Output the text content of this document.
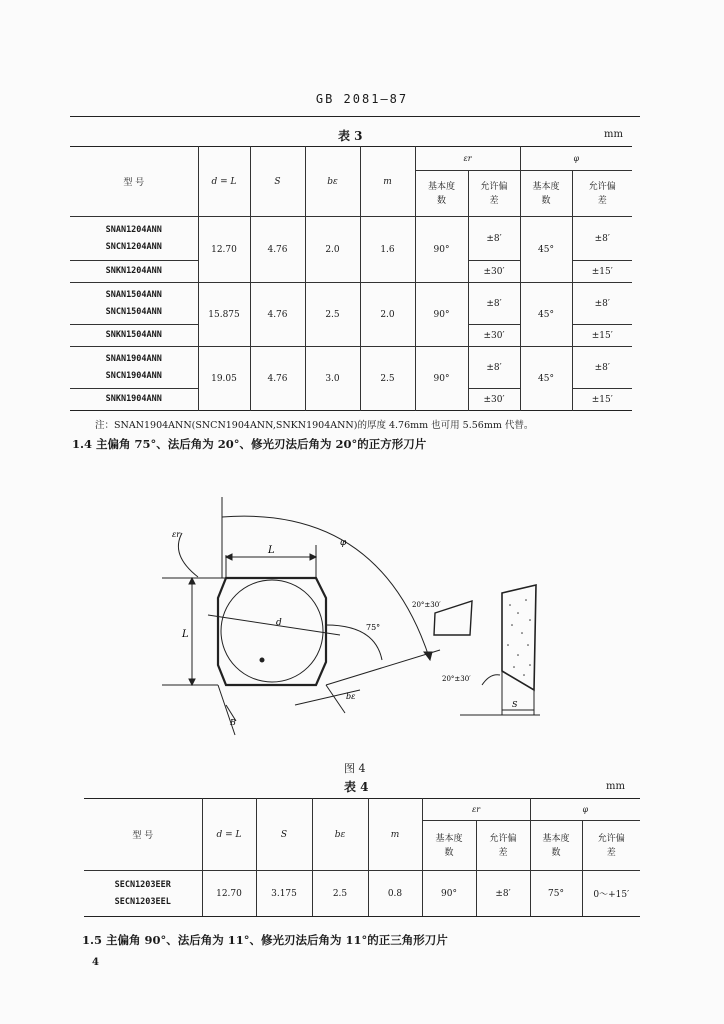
GB 2081—87
表 3	mm
型 号	d = L	S	bε	m	εr		φ	

					基本度数	允许偏差	基本度数	允许偏差

SNAN1204ANN
SNCN1204ANN	12.70	4.76	2.0	1.6	90°	±8′	45°	±8′
SNKN1204ANN						±30′		±15′

SNAN1504ANN
SNCN1504ANN	15.875	4.76	2.5	2.0	90°	±8′	45°	±8′
SNKN1504ANN						±30′		±15′

SNAN1904ANN
SNCN1904ANN	19.05	4.76	3.0	2.5	90°	±8′	45°	±8′
SNKN1904ANN						±30′		±15′
注：SNAN1904ANN(SNCN1904ANN,SNKN1904ANN)的厚度 4.76mm 也可用 5.56mm 代替。
1.4 主偏角 75°、法后角为 20°、修光刃法后角为 20°的正方形刀片
εr
φ
L
L
d	75°
bε
B
20°±30′
20°±30′
S
图 4
表 4	mm
型 号	d = L	S	bε	m	εr		φ	

					基本度数	允许偏差	基本度数	允许偏差

SECN1203EER
SECN1203EEL	12.70	3.175	2.5	0.8	90°	±8′	75°	0～+15′
1.5 主偏角 90°、法后角为 11°、修光刃法后角为 11°的正三角形刀片
4
